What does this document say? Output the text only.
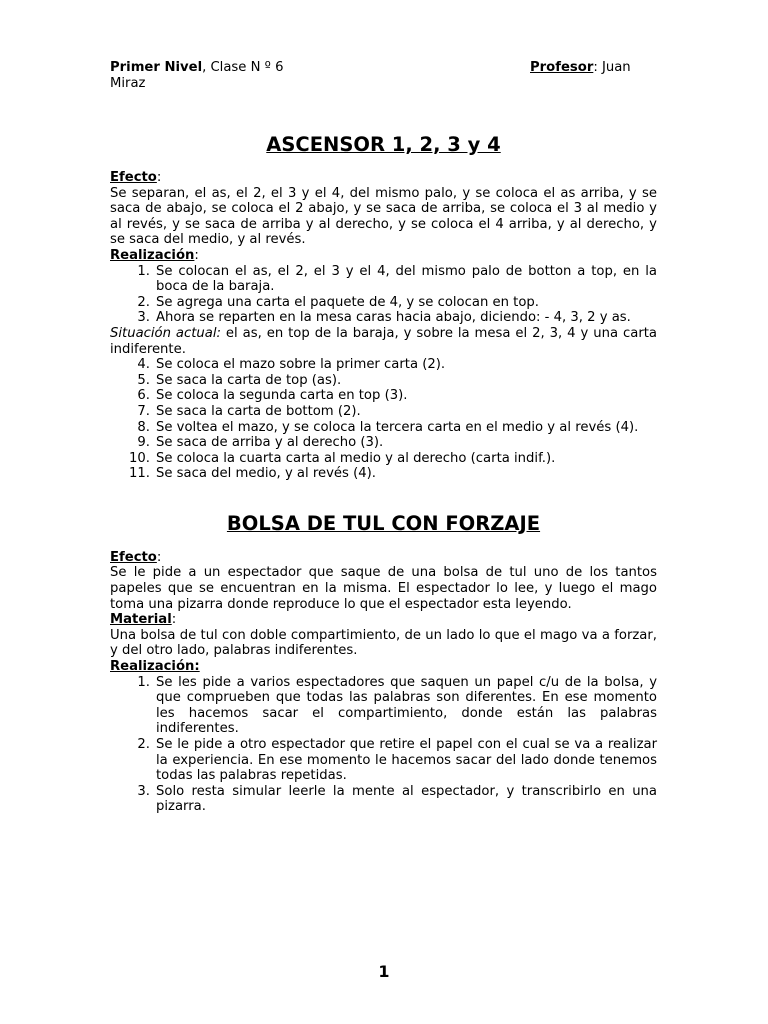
Primer Nivel, Clase N º 6	Profesor: Juan
Miraz
ASCENSOR 1, 2, 3 y 4
Efecto:

Se separan, el as, el 2, el 3 y el 4, del mismo palo, y se coloca el as arriba, y se saca de abajo, se coloca el 2 abajo, y se saca de arriba, se coloca el 3 al medio y al revés, y se saca de arriba y al derecho, y se coloca el 4 arriba, y al derecho, y se saca del medio, y al revés.

Realización:
1. Se colocan el as, el 2, el 3 y el 4, del mismo palo de botton a top, en la boca de la baraja.
2. Se agrega una carta el paquete de 4, y se colocan en top.
3. Ahora se reparten en la mesa caras hacia abajo, diciendo: - 4, 3, 2 y as.

Situación actual: el as, en top de la baraja, y sobre la mesa el 2, 3, 4 y una carta indiferente.

4. Se coloca el mazo sobre la primer carta (2).
5. Se saca la carta de top (as).
6. Se coloca la segunda carta en top (3).
7. Se saca la carta de bottom (2).
8. Se voltea el mazo, y se coloca la tercera carta en el medio y al revés (4).
9. Se saca de arriba y al derecho (3).
10. Se coloca la cuarta carta al medio y al derecho (carta indif.).
11. Se saca del medio, y al revés (4).
BOLSA DE TUL CON FORZAJE
Efecto:

Se le pide a un espectador que saque de una bolsa de tul uno de los tantos papeles que se encuentran en la misma. El espectador lo lee, y luego el mago toma una pizarra donde reproduce lo que el espectador esta leyendo.

Material:

Una bolsa de tul con doble compartimiento, de un lado lo que el mago va a forzar, y del otro lado, palabras indiferentes.

Realización:
1. Se les pide a varios espectadores que saquen un papel c/u de la bolsa, y que comprueben que todas las palabras son diferentes. En ese momento les hacemos sacar el compartimiento, donde están las palabras indiferentes.
2. Se le pide a otro espectador que retire el papel con el cual se va a realizar la experiencia. En ese momento le hacemos sacar del lado donde tenemos todas las palabras repetidas.
3. Solo resta simular leerle la mente al espectador, y transcribirlo en una pizarra.
1
